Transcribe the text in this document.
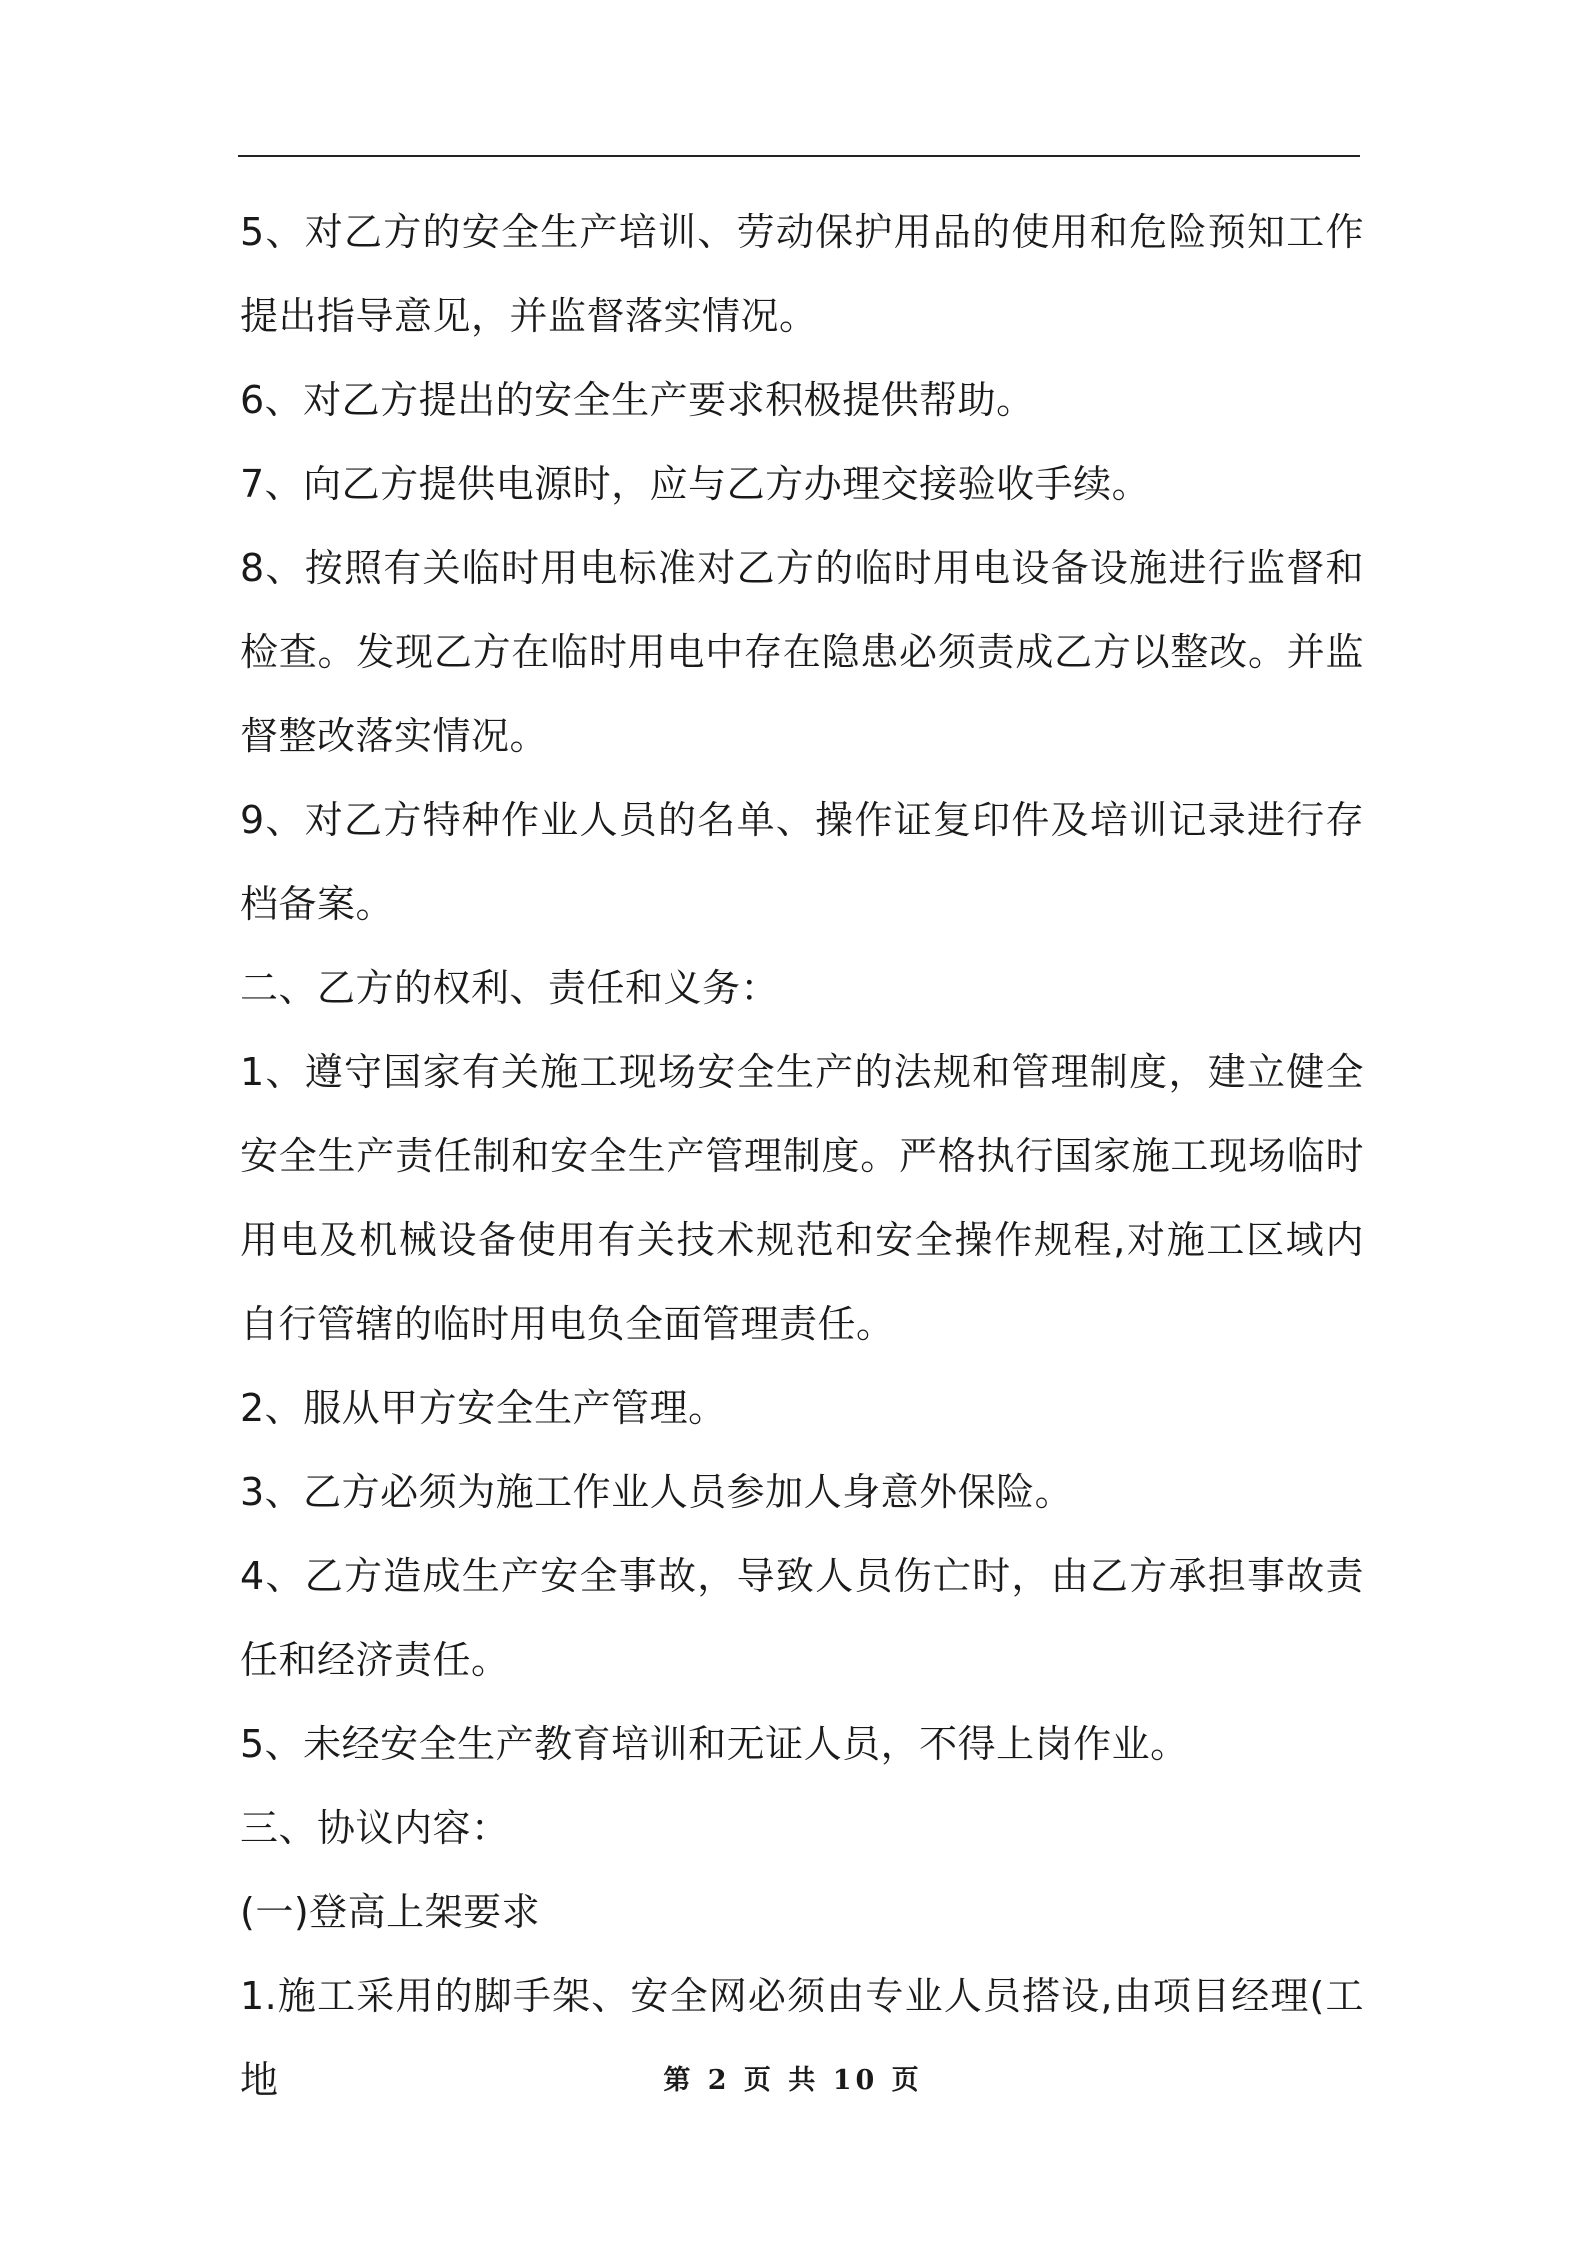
5、对乙方的安全生产培训、劳动保护用品的使用和危险预知工作提出指导意见，并监督落实情况。

6、对乙方提出的安全生产要求积极提供帮助。

7、向乙方提供电源时，应与乙方办理交接验收手续。

8、按照有关临时用电标准对乙方的临时用电设备设施进行监督和检查。发现乙方在临时用电中存在隐患必须责成乙方以整改。并监督整改落实情况。

9、对乙方特种作业人员的名单、操作证复印件及培训记录进行存档备案。

二、乙方的权利、责任和义务：

1、遵守国家有关施工现场安全生产的法规和管理制度，建立健全安全生产责任制和安全生产管理制度。严格执行国家施工现场临时用电及机械设备使用有关技术规范和安全操作规程,对施工区域内自行管辖的临时用电负全面管理责任。

2、服从甲方安全生产管理。

3、乙方必须为施工作业人员参加人身意外保险。

4、乙方造成生产安全事故，导致人员伤亡时，由乙方承担事故责任和经济责任。

5、未经安全生产教育培训和无证人员，不得上岗作业。

三、协议内容：

(一)登高上架要求

1.施工采用的脚手架、安全网必须由专业人员搭设,由项目经理(工地	第 2 页 共 10 页
